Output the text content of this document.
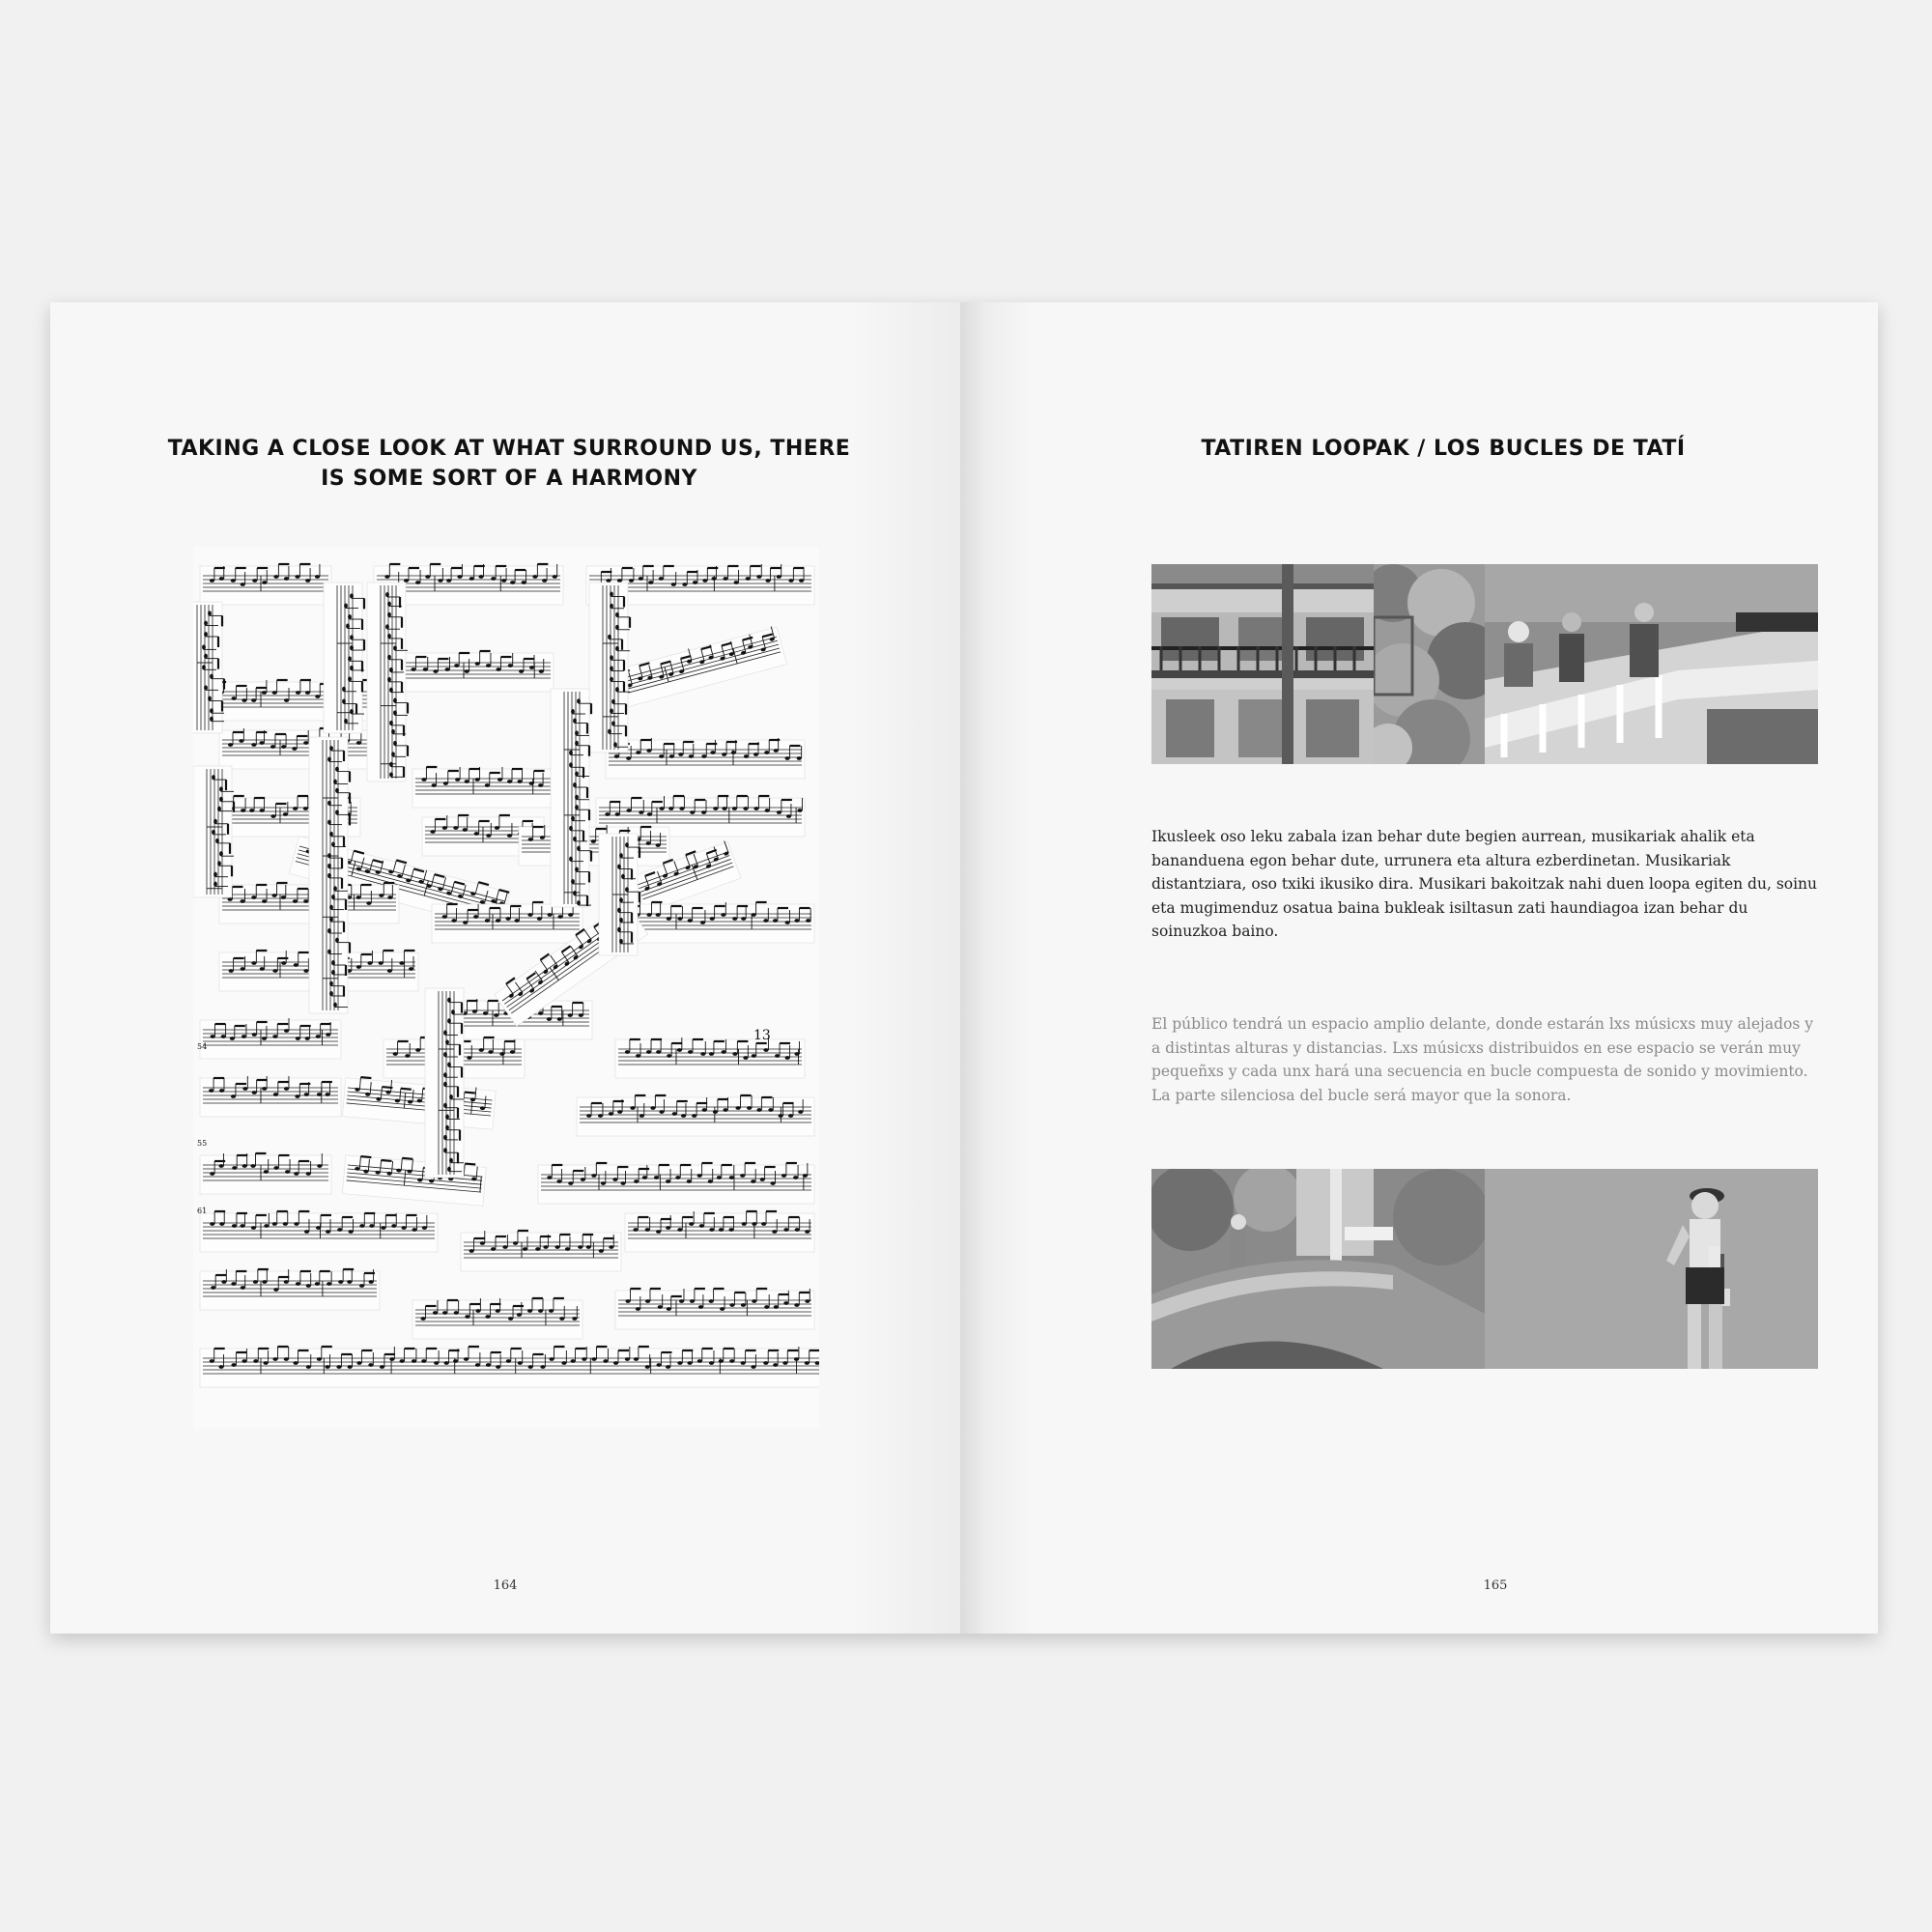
TAKING A CLOSE LOOK AT WHAT SURROUND US, THERE IS SOME SORT OF A HARMONY
13
54
55
61
164
TATIREN LOOPAK / LOS BUCLES DE TATÍ

Ikusleek oso leku zabala izan behar dute begien aurrean, musikariak ahalik eta bananduena egon behar dute, urrunera eta altura ezberdinetan. Musikariak distantziara, oso txiki ikusiko dira. Musikari bakoitzak nahi duen loopa egiten du, soinu eta mugimenduz osatua baina bukleak isiltasun zati haundiagoa izan behar du soinuzkoa baino.

El público tendrá un espacio amplio delante, donde estarán lxs músicxs muy alejados y a distintas alturas y distancias. Lxs músicxs distribuidos en ese espacio se verán muy pequeñxs y cada unx hará una secuencia en bucle compuesta de sonido y movimiento. La parte silenciosa del bucle será mayor que la sonora.

165
